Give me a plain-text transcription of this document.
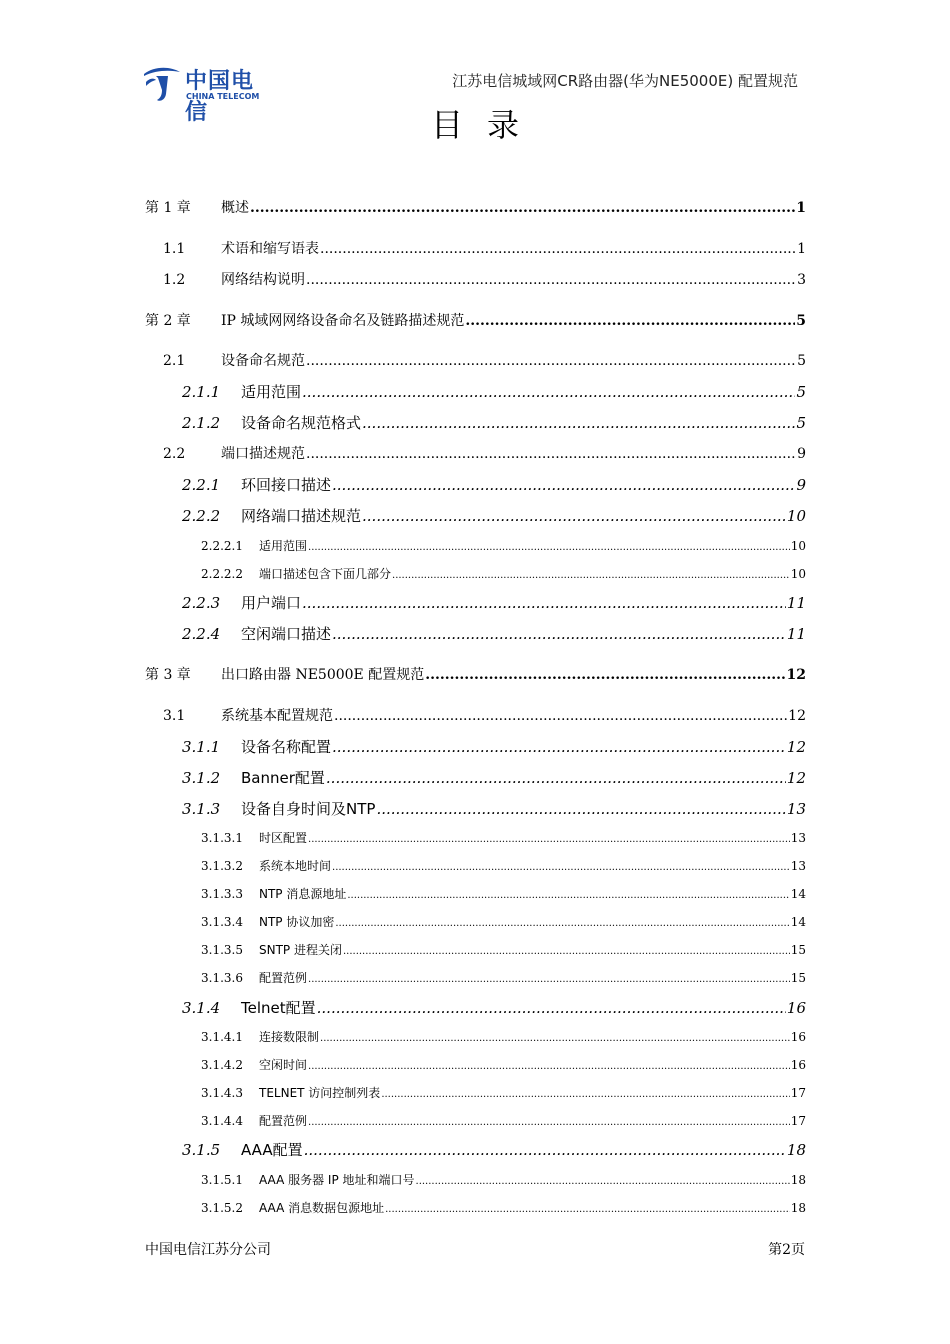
中国电信
CHINA TELECOM
江苏电信城域网CR路由器(华为NE5000E) 配置规范
目录
第 1 章	概述 .....	1
1.1	术语和缩写语表 .....	1
1.2	网络结构说明 .....	3
第 2 章	IP 城域网网络设备命名及链路描述规范 .....	5
2.1	设备命名规范 .....	5
2.1.1	适用范围 .....	5
2.1.2	设备命名规范格式 .....	5
2.2	端口描述规范 .....	9
2.2.1	环回接口描述 .....	9
2.2.2	网络端口描述规范 .....	10
2.2.2.1	适用范围 .....	10
2.2.2.2	端口描述包含下面几部分 .....	10
2.2.3	用户端口 .....	11
2.2.4	空闲端口描述 .....	11
第 3 章	出口路由器 NE5000E 配置规范 .....	12
3.1	系统基本配置规范 .....	12
3.1.1	设备名称配置 .....	12
3.1.2	Banner配置 .....	12
3.1.3	设备自身时间及NTP .....	13
3.1.3.1	时区配置 .....	13
3.1.3.2	系统本地时间 .....	13
3.1.3.3	NTP 消息源地址 .....	14
3.1.3.4	NTP 协议加密 .....	14
3.1.3.5	SNTP 进程关闭 .....	15
3.1.3.6	配置范例 .....	15
3.1.4	Telnet配置 .....	16
3.1.4.1	连接数限制 .....	16
3.1.4.2	空闲时间 .....	16
3.1.4.3	TELNET 访问控制列表 .....	17
3.1.4.4	配置范例 .....	17
3.1.5	AAA配置 .....	18
3.1.5.1	AAA 服务器 IP 地址和端口号 .....	18
3.1.5.2	AAA 消息数据包源地址 .....	18
中国电信江苏分公司	第2页
